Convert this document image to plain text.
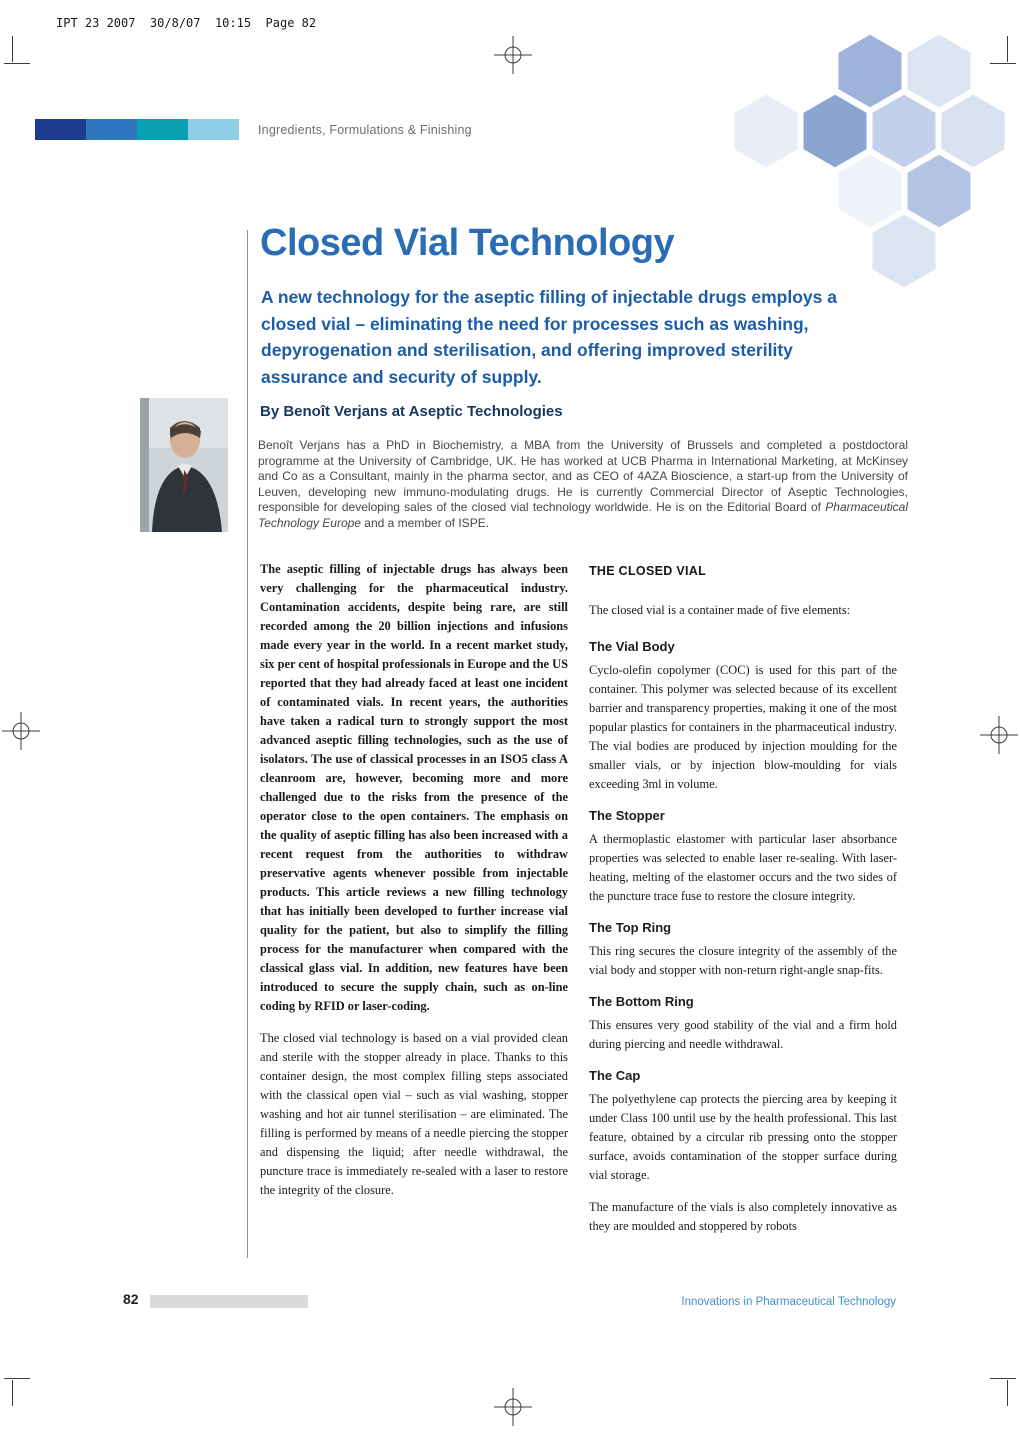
IPT 23 2007  30/8/07  10:15  Page 82
Ingredients, Formulations & Finishing
Closed Vial Technology
A new technology for the aseptic filling of injectable drugs employs a closed vial – eliminating the need for processes such as washing, depyrogenation and sterilisation, and offering improved sterility assurance and security of supply.
By Benoît Verjans at Aseptic Technologies
Benoît Verjans has a PhD in Biochemistry, a MBA from the University of Brussels and completed a postdoctoral programme at the University of Cambridge, UK. He has worked at UCB Pharma in International Marketing, at McKinsey and Co as a Consultant, mainly in the pharma sector, and as CEO of 4AZA Bioscience, a start-up from the University of Leuven, developing new immuno-modulating drugs. He is currently Commercial Director of Aseptic Technologies, responsible for developing sales of the closed vial technology worldwide. He is on the Editorial Board of Pharmaceutical Technology Europe and a member of ISPE.

The aseptic filling of injectable drugs has always been very challenging for the pharmaceutical industry. Contamination accidents, despite being rare, are still recorded among the 20 billion injections and infusions made every year in the world. In a recent market study, six per cent of hospital professionals in Europe and the US reported that they had already faced at least one incident of contaminated vials. In recent years, the authorities have taken a radical turn to strongly support the most advanced aseptic filling technologies, such as the use of isolators. The use of classical processes in an ISO5 class A cleanroom are, however, becoming more and more challenged due to the risks from the presence of the operator close to the open containers. The emphasis on the quality of aseptic filling has also been increased with a recent request from the authorities to withdraw preservative agents whenever possible from injectable products. This article reviews a new filling technology that has initially been developed to further increase vial quality for the patient, but also to simplify the filling process for the manufacturer when compared with the classical glass vial. In addition, new features have been introduced to secure the supply chain, such as on-line coding by RFID or laser-coding.

The closed vial technology is based on a vial provided clean and sterile with the stopper already in place. Thanks to this container design, the most complex filling steps associated with the classical open vial – such as vial washing, stopper washing and hot air tunnel sterilisation – are eliminated. The filling is performed by means of a needle piercing the stopper and dispensing the liquid; after needle withdrawal, the puncture trace is immediately re-sealed with a laser to restore the integrity of the closure.

THE CLOSED VIAL

The closed vial is a container made of five elements:

The Vial Body

Cyclo-olefin copolymer (COC) is used for this part of the container. This polymer was selected because of its excellent barrier and transparency properties, making it one of the most popular plastics for containers in the pharmaceutical industry. The vial bodies are produced by injection moulding for the smaller vials, or by injection blow-moulding for vials exceeding 3ml in volume.

The Stopper

A thermoplastic elastomer with particular laser absorbance properties was selected to enable laser re-sealing. With laser-heating, melting of the elastomer occurs and the two sides of the puncture trace fuse to restore the closure integrity.

The Top Ring

This ring secures the closure integrity of the assembly of the vial body and stopper with non-return right-angle snap-fits.

The Bottom Ring

This ensures very good stability of the vial and a firm hold during piercing and needle withdrawal.

The Cap

The polyethylene cap protects the piercing area by keeping it under Class 100 until use by the health professional. This last feature, obtained by a circular rib pressing onto the stopper surface, avoids contamination of the stopper surface during vial storage.

The manufacture of the vials is also completely innovative as they are moulded and stoppered by robots

82	Innovations in Pharmaceutical Technology
